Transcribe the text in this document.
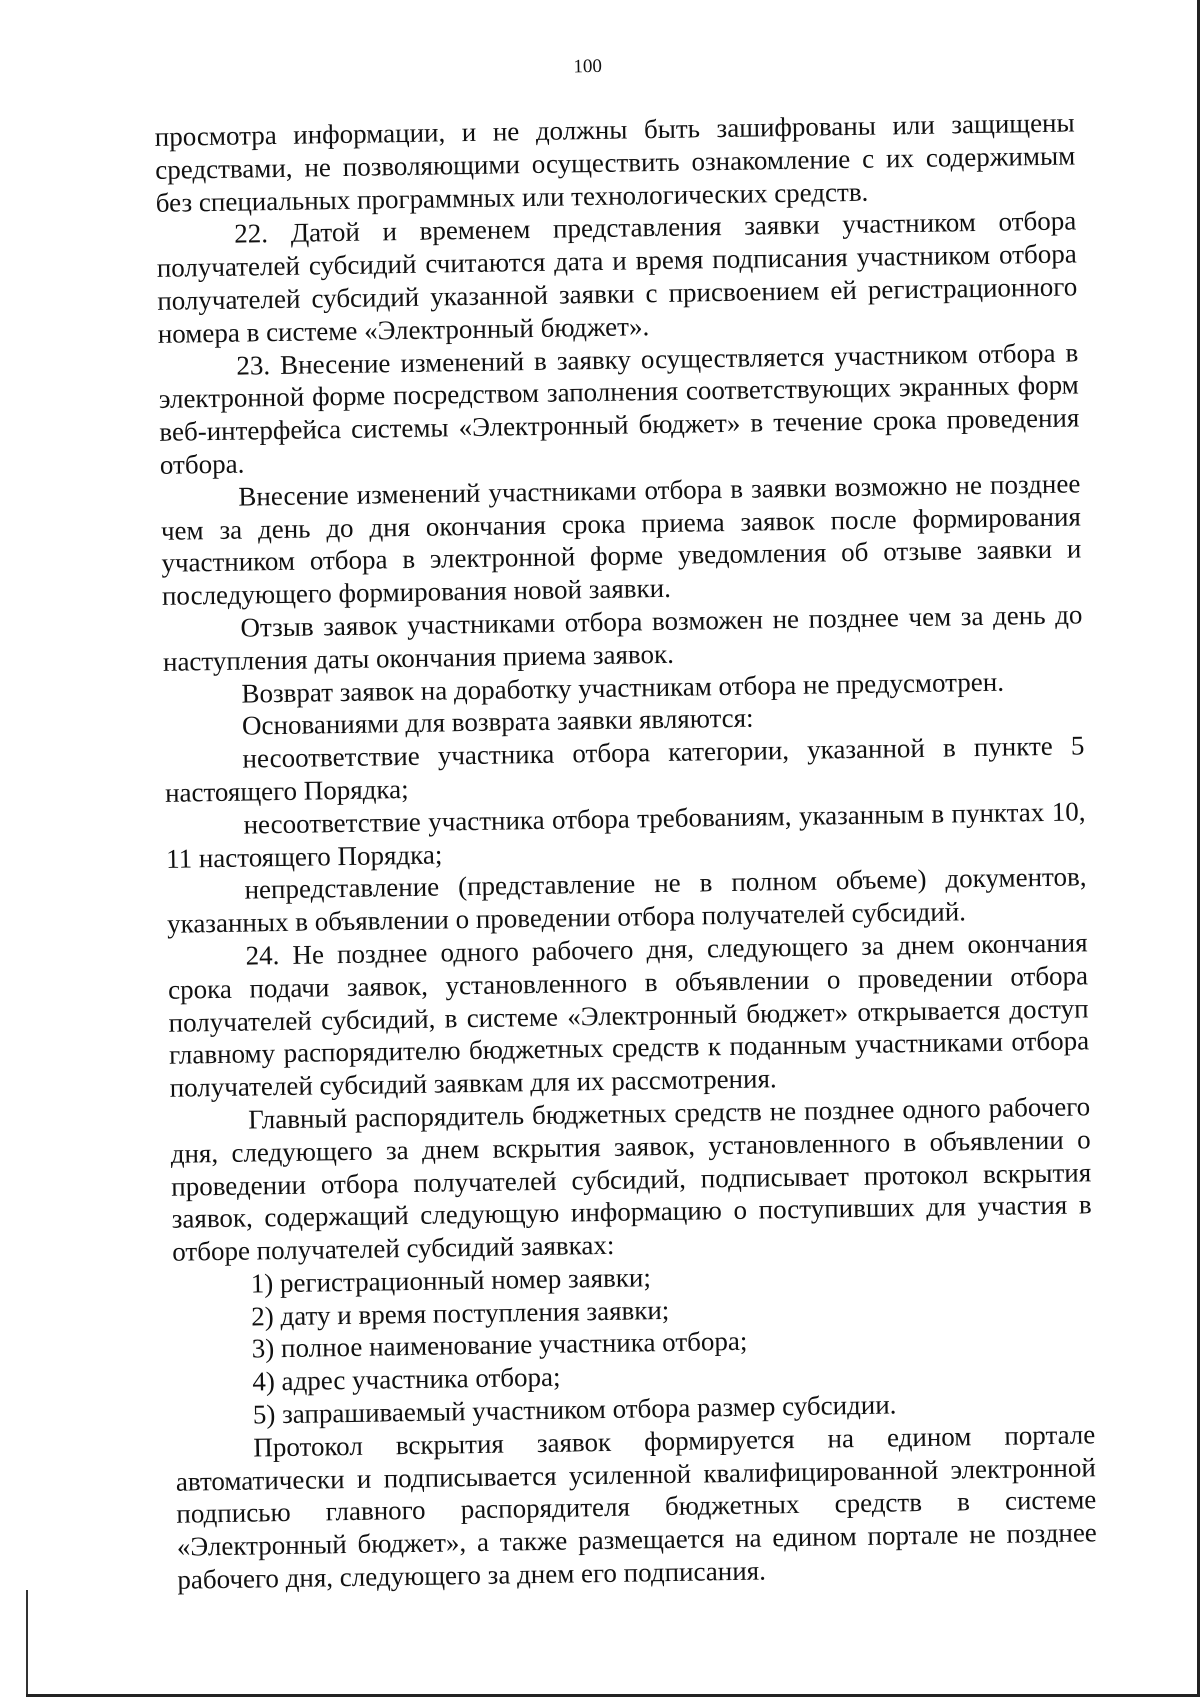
100

просмотра информации, и не должны быть зашифрованы или защищены средствами, не позволяющими осуществить ознакомление с их содержимым без специальных программных или технологических средств.

22. Датой и временем представления заявки участником отбора получателей субсидий считаются дата и время подписания участником отбора получателей субсидий указанной заявки с присвоением ей регистрационного номера в системе «Электронный бюджет».

23. Внесение изменений в заявку осуществляется участником отбора в электронной форме посредством заполнения соответствующих экранных форм веб-интерфейса системы «Электронный бюджет» в течение срока проведения отбора.

Внесение изменений участниками отбора в заявки возможно не позднее чем за день до дня окончания срока приема заявок после формирования участником отбора в электронной форме уведомления об отзыве заявки и последующего формирования новой заявки.

Отзыв заявок участниками отбора возможен не позднее чем за день до наступления даты окончания приема заявок.

Возврат заявок на доработку участникам отбора не предусмотрен.

Основаниями для возврата заявки являются:

несоответствие участника отбора категории, указанной в пункте 5 настоящего Порядка;

несоответствие участника отбора требованиям, указанным в пунктах 10, 11 настоящего Порядка;

непредставление (представление не в полном объеме) документов, указанных в объявлении о проведении отбора получателей субсидий.

24. Не позднее одного рабочего дня, следующего за днем окончания срока подачи заявок, установленного в объявлении о проведении отбора получателей субсидий, в системе «Электронный бюджет» открывается доступ главному распорядителю бюджетных средств к поданным участниками отбора получателей субсидий заявкам для их рассмотрения.

Главный распорядитель бюджетных средств не позднее одного рабочего дня, следующего за днем вскрытия заявок, установленного в объявлении о проведении отбора получателей субсидий, подписывает протокол вскрытия заявок, содержащий следующую информацию о поступивших для участия в отборе получателей субсидий заявках:

1) регистрационный номер заявки;

2) дату и время поступления заявки;

3) полное наименование участника отбора;

4) адрес участника отбора;

5) запрашиваемый участником отбора размер субсидии.

Протокол вскрытия заявок формируется на едином портале автоматически и подписывается усиленной квалифицированной электронной подписью главного распорядителя бюджетных средств в системе «Электронный бюджет», а также размещается на едином портале не позднее рабочего дня, следующего за днем его подписания.
